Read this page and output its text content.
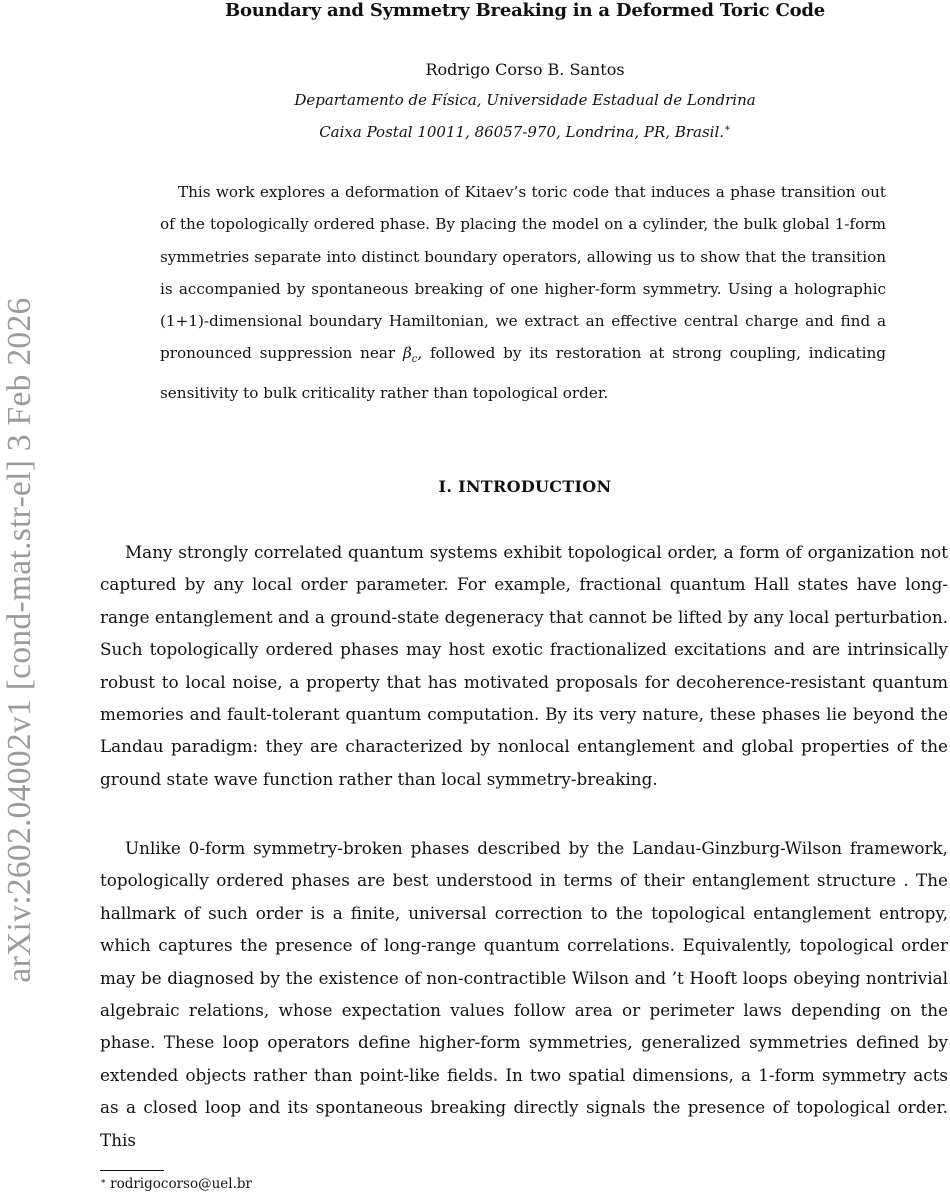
arXiv:2602.04002v1 [cond-mat.str-el] 3 Feb 2026
Boundary and Symmetry Breaking in a Deformed Toric Code
Rodrigo Corso B. Santos
Departamento de Física, Universidade Estadual de Londrina
Caixa Postal 10011, 86057-970, Londrina, PR, Brasil.∗

This work explores a deformation of Kitaev’s toric code that induces a phase transition out of the topologically ordered phase. By placing the model on a cylinder, the bulk global 1-form symmetries separate into distinct boundary operators, allowing us to show that the transition is accompanied by spontaneous breaking of one higher-form symmetry. Using a holographic (1+1)-dimensional boundary Hamiltonian, we extract an effective central charge and find a pronounced suppression near $\beta_c$, followed by its restoration at strong coupling, indicating sensitivity to bulk criticality rather than topological order.

I. INTRODUCTION

Many strongly correlated quantum systems exhibit topological order, a form of organization not captured by any local order parameter. For example, fractional quantum Hall states have long-range entanglement and a ground-state degeneracy that cannot be lifted by any local perturbation. Such topologically ordered phases may host exotic fractionalized excitations and are intrinsically robust to local noise, a property that has motivated proposals for decoherence-resistant quantum memories and fault-tolerant quantum computation. By its very nature, these phases lie beyond the Landau paradigm: they are characterized by nonlocal entanglement and global properties of the ground state wave function rather than local symmetry-breaking.

Unlike 0-form symmetry-broken phases described by the Landau-Ginzburg-Wilson framework, topologically ordered phases are best understood in terms of their entanglement structure . The hallmark of such order is a finite, universal correction to the topological entanglement entropy, which captures the presence of long-range quantum correlations. Equivalently, topological order may be diagnosed by the existence of non-contractible Wilson and ’t Hooft loops obeying nontrivial algebraic relations, whose expectation values follow area or perimeter laws depending on the phase. These loop operators define higher-form symmetries, generalized symmetries defined by extended objects rather than point-like fields. In two spatial dimensions, a 1-form symmetry acts as a closed loop and its spontaneous breaking directly signals the presence of topological order. This

∗ rodrigocorso@uel.br
